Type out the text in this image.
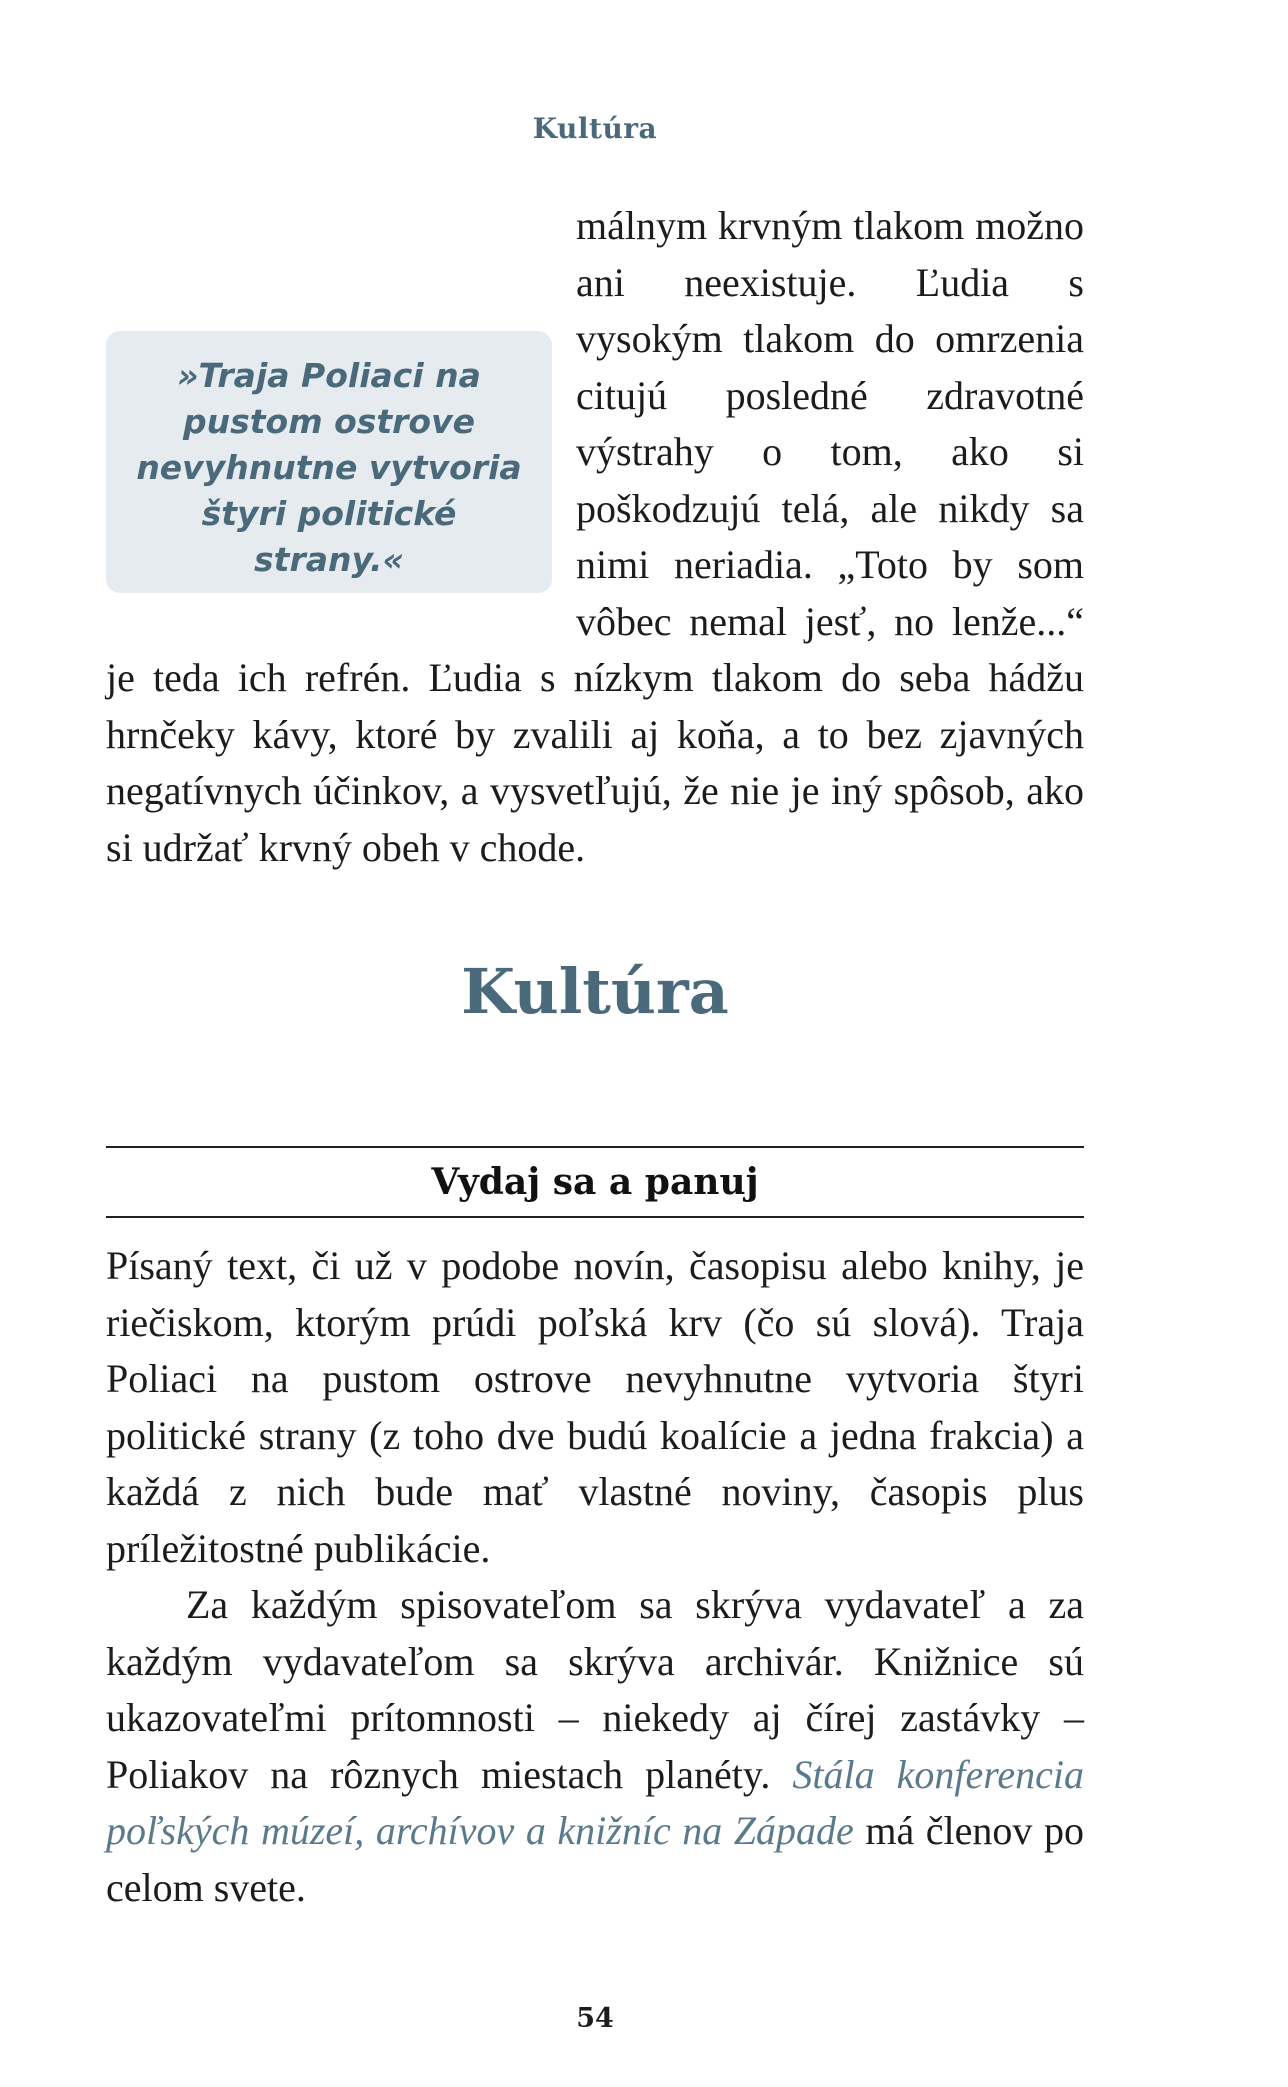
Kultúra
»Traja Poliaci na pustom ostrove nevyhnutne vytvoria štyri politické strany.«

málnym krvným tlakom možno ani neexistuje. Ľudia s vysokým tlakom do omrzenia citujú posledné zdravotné výstrahy o tom, ako si poškodzujú telá, ale nikdy sa nimi neriadia. „Toto by som vôbec nemal jesť, no lenže...“ je teda ich refrén. Ľudia s nízkym tlakom do seba hádžu hrnčeky kávy, ktoré by zvalili aj koňa, a to bez zjavných negatívnych účinkov, a vysvetľujú, že nie je iný spôsob, ako si udržať krvný obeh v chode.

Kultúra
Vydaj sa a panuj

Písaný text, či už v podobe novín, časopisu alebo knihy, je riečiskom, ktorým prúdi poľská krv (čo sú slová). Traja Poliaci na pustom ostrove nevyhnutne vytvoria štyri politické strany (z toho dve budú koalície a jedna frakcia) a každá z nich bude mať vlastné noviny, časopis plus príležitostné publikácie.

Za každým spisovateľom sa skrýva vydavateľ a za každým vydavateľom sa skrýva archivár. Knižnice sú ukazovateľmi prítomnosti – niekedy aj čírej zastávky – Poliakov na rôznych miestach planéty. Stála konferencia poľských múzeí, archívov a knižníc na Západe má členov po celom svete.

54
